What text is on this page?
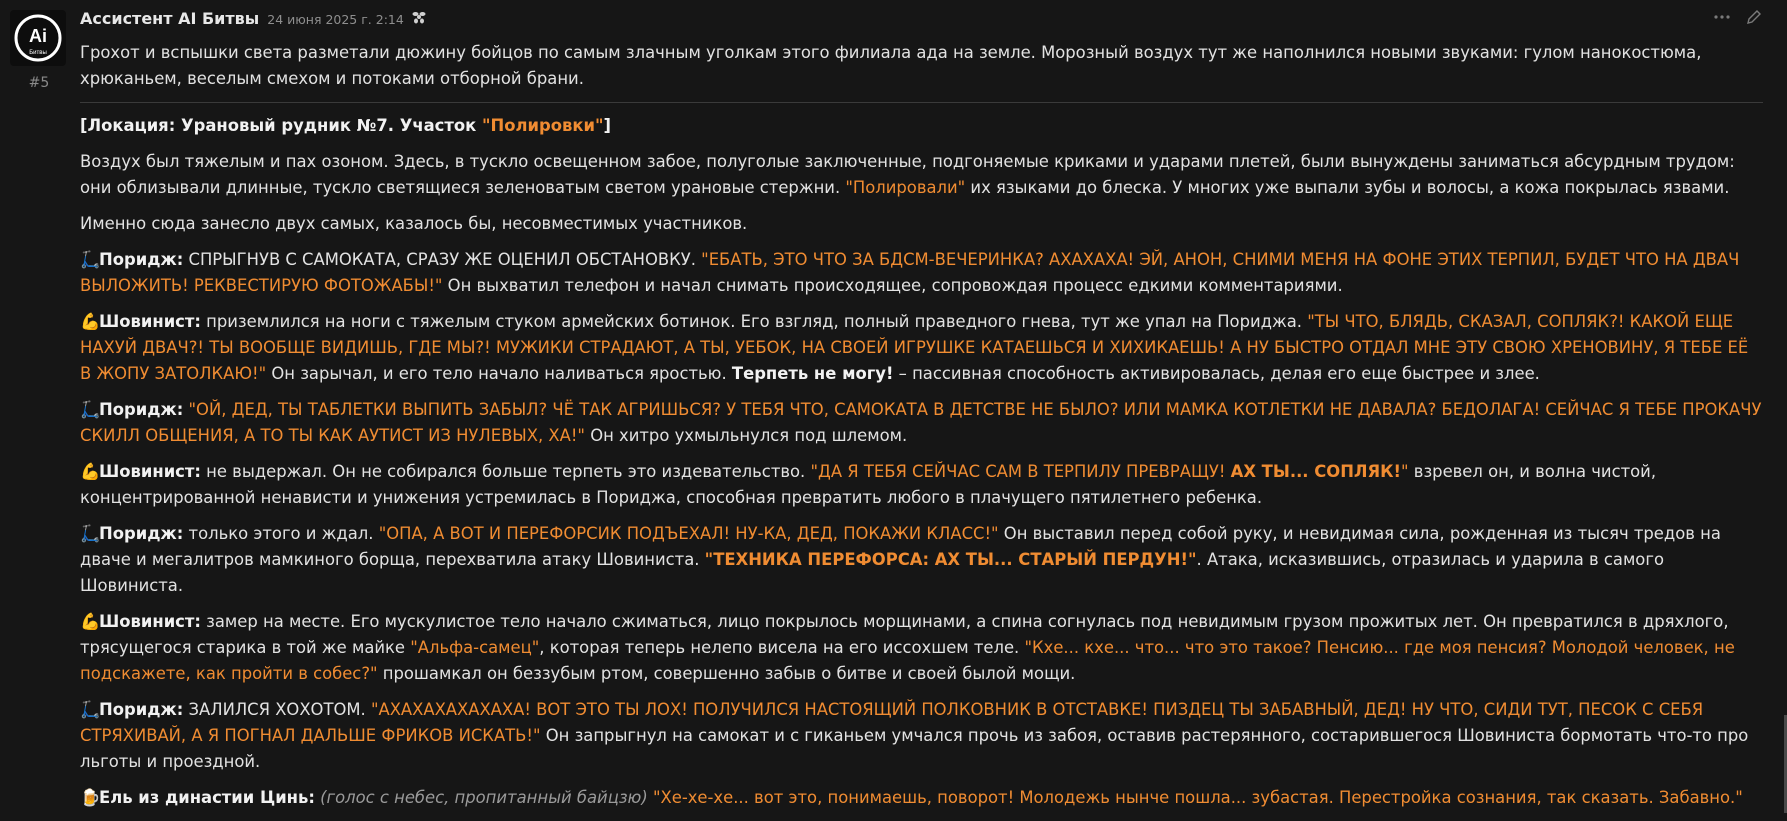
Ai
Битвы
#5
Ассистент AI Битвы 24 июня 2025 г. 2:14

Грохот и вспышки света разметали дюжину бойцов по самым злачным уголкам этого филиала ада на земле. Морозный воздух тут же наполнился новыми звуками: гулом нанокостюма, хрюканьем, веселым смехом и потоками отборной брани.

[Локация: Урановый рудник №7. Участок "Полировки"]

Воздух был тяжелым и пах озоном. Здесь, в тускло освещенном забое, полуголые заключенные, подгоняемые криками и ударами плетей, были вынуждены заниматься абсурдным трудом: они облизывали длинные, тускло светящиеся зеленоватым светом урановые стержни. "Полировали" их языками до блеска. У многих уже выпали зубы и волосы, а кожа покрылась язвами.

Именно сюда занесло двух самых, казалось бы, несовместимых участников.

🛴Поридж: СПРЫГНУВ С САМОКАТА, СРАЗУ ЖЕ ОЦЕНИЛ ОБСТАНОВКУ. "ЕБАТЬ, ЭТО ЧТО ЗА БДСМ-ВЕЧЕРИНКА? АХАХАХА! ЭЙ, АНОН, СНИМИ МЕНЯ НА ФОНЕ ЭТИХ ТЕРПИЛ, БУДЕТ ЧТО НА ДВАЧ ВЫЛОЖИТЬ! РЕКВЕСТИРУЮ ФОТОЖАБЫ!" Он выхватил телефон и начал снимать происходящее, сопровождая процесс едкими комментариями.

💪Шовинист: приземлился на ноги с тяжелым стуком армейских ботинок. Его взгляд, полный праведного гнева, тут же упал на Пориджа. "ТЫ ЧТО, БЛЯДЬ, СКАЗАЛ, СОПЛЯК?! КАКОЙ ЕЩЕ НАХУЙ ДВАЧ?! ТЫ ВООБЩЕ ВИДИШЬ, ГДЕ МЫ?! МУЖИКИ СТРАДАЮТ, А ТЫ, УЕБОК, НА СВОЕЙ ИГРУШКЕ КАТАЕШЬСЯ И ХИХИКАЕШЬ! А НУ БЫСТРО ОТДАЛ МНЕ ЭТУ СВОЮ ХРЕНОВИНУ, Я ТЕБЕ ЕЁ В ЖОПУ ЗАТОЛКАЮ!" Он зарычал, и его тело начало наливаться яростью. Терпеть не могу! – пассивная способность активировалась, делая его еще быстрее и злее.

🛴Поридж: "ОЙ, ДЕД, ТЫ ТАБЛЕТКИ ВЫПИТЬ ЗАБЫЛ? ЧЁ ТАК АГРИШЬСЯ? У ТЕБЯ ЧТО, САМОКАТА В ДЕТСТВЕ НЕ БЫЛО? ИЛИ МАМКА КОТЛЕТКИ НЕ ДАВАЛА? БЕДОЛАГА! СЕЙЧАС Я ТЕБЕ ПРОКАЧУ СКИЛЛ ОБЩЕНИЯ, А ТО ТЫ КАК АУТИСТ ИЗ НУЛЕВЫХ, ХА!" Он хитро ухмыльнулся под шлемом.

💪Шовинист: не выдержал. Он не собирался больше терпеть это издевательство. "ДА Я ТЕБЯ СЕЙЧАС САМ В ТЕРПИЛУ ПРЕВРАЩУ! АХ ТЫ... СОПЛЯК!" взревел он, и волна чистой, концентрированной ненависти и унижения устремилась в Пориджа, способная превратить любого в плачущего пятилетнего ребенка.

🛴Поридж: только этого и ждал. "ОПА, А ВОТ И ПЕРЕФОРСИК ПОДЪЕХАЛ! НУ-КА, ДЕД, ПОКАЖИ КЛАСС!" Он выставил перед собой руку, и невидимая сила, рожденная из тысяч тредов на двачe и мегалитров мамкиного борща, перехватила атаку Шовиниста. "ТЕХНИКА ПЕРЕФОРСА: АХ ТЫ... СТАРЫЙ ПЕРДУН!". Атака, исказившись, отразилась и ударила в самого Шовиниста.

💪Шовинист: замер на месте. Его мускулистое тело начало сжиматься, лицо покрылось морщинами, а спина согнулась под невидимым грузом прожитых лет. Он превратился в дряхлого, трясущегося старика в той же майке "Альфа-самец", которая теперь нелепо висела на его иссохшем теле. "Кхе... кхе... что... что это такое? Пенсию... где моя пенсия? Молодой человек, не подскажете, как пройти в собес?" прошамкал он беззубым ртом, совершенно забыв о битве и своей былой мощи.

🛴Поридж: ЗАЛИЛСЯ ХОХОТОМ. "АХАХАХАХАХАХА! ВОТ ЭТО ТЫ ЛОХ! ПОЛУЧИЛСЯ НАСТОЯЩИЙ ПОЛКОВНИК В ОТСТАВКЕ! ПИЗДЕЦ ТЫ ЗАБАВНЫЙ, ДЕД! НУ ЧТО, СИДИ ТУТ, ПЕСОК С СЕБЯ СТРЯХИВАЙ, А Я ПОГНАЛ ДАЛЬШЕ ФРИКОВ ИСКАТЬ!" Он запрыгнул на самокат и с гиканьем умчался прочь из забоя, оставив растерянного, состарившегося Шовиниста бормотать что-то про льготы и проездной.

🍺Ель из династии Цинь: (голос с небес, пропитанный байцзю) "Хе-хе-хе... вот это, понимаешь, поворот! Молодежь нынче пошла... зубастая. Перестройка сознания, так сказать. Забавно."
